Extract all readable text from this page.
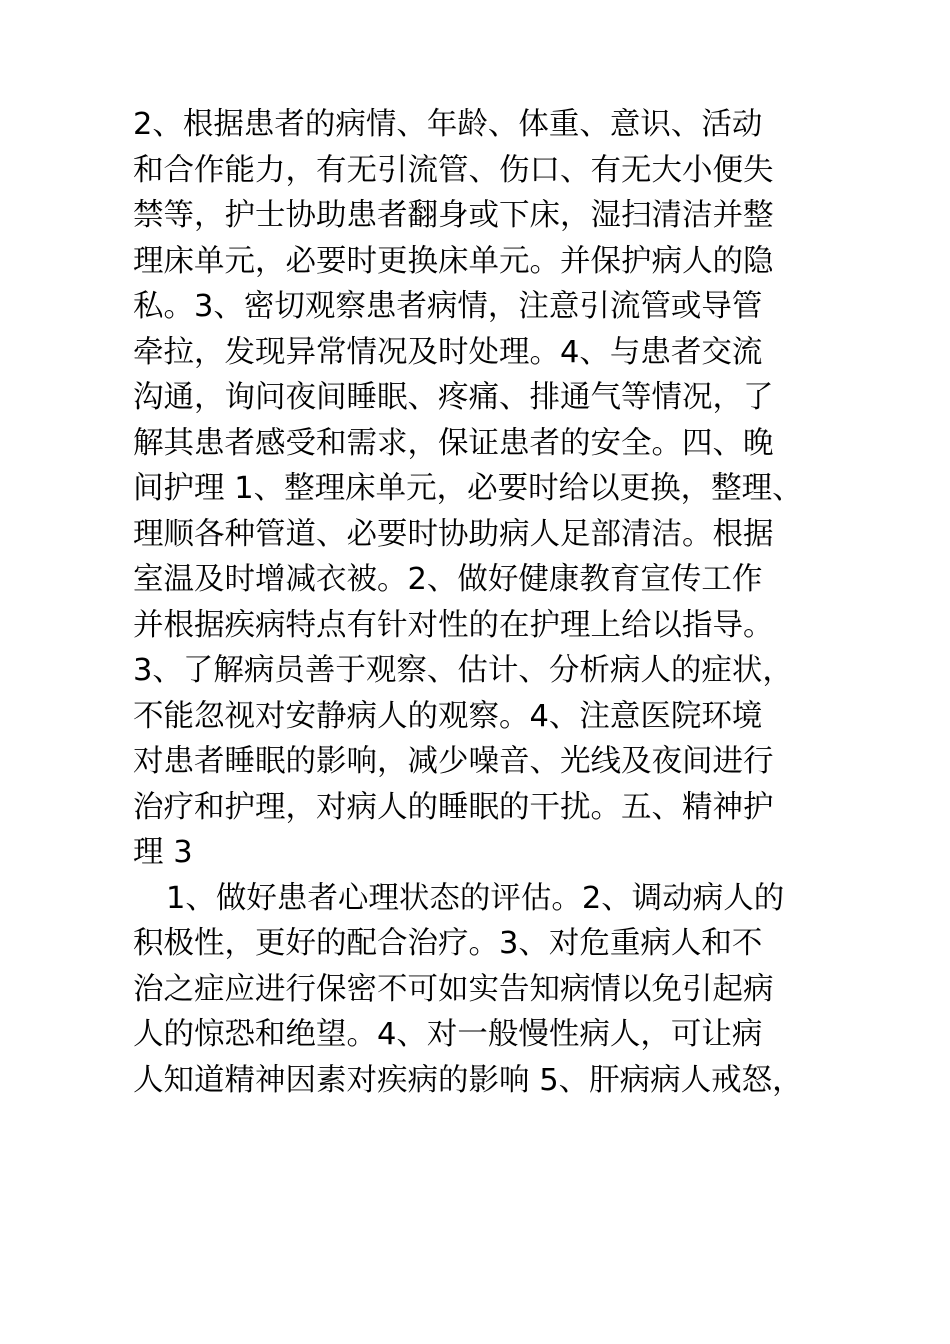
2、根据患者的病情、年龄、体重、意识、活动
和合作能力，有无引流管、伤口、有无大小便失
禁等，护士协助患者翻身或下床，湿扫清洁并整
理床单元，必要时更换床单元。并保护病人的隐
私。3、密切观察患者病情，注意引流管或导管
牵拉，发现异常情况及时处理。4、与患者交流
沟通，询问夜间睡眠、疼痛、排通气等情况，了
解其患者感受和需求，保证患者的安全。四、晚
间护理 1、整理床单元，必要时给以更换，整理、
理顺各种管道、必要时协助病人足部清洁。根据
室温及时增减衣被。2、做好健康教育宣传工作
并根据疾病特点有针对性的在护理上给以指导。
3、了解病员善于观察、估计、分析病人的症状，
不能忽视对安静病人的观察。4、注意医院环境
对患者睡眠的影响，减少噪音、光线及夜间进行
治疗和护理，对病人的睡眠的干扰。五、精神护
理 3
1、做好患者心理状态的评估。2、调动病人的
积极性，更好的配合治疗。3、对危重病人和不
治之症应进行保密不可如实告知病情以免引起病
人的惊恐和绝望。4、对一般慢性病人，可让病
人知道精神因素对疾病的影响 5、肝病病人戒怒，
